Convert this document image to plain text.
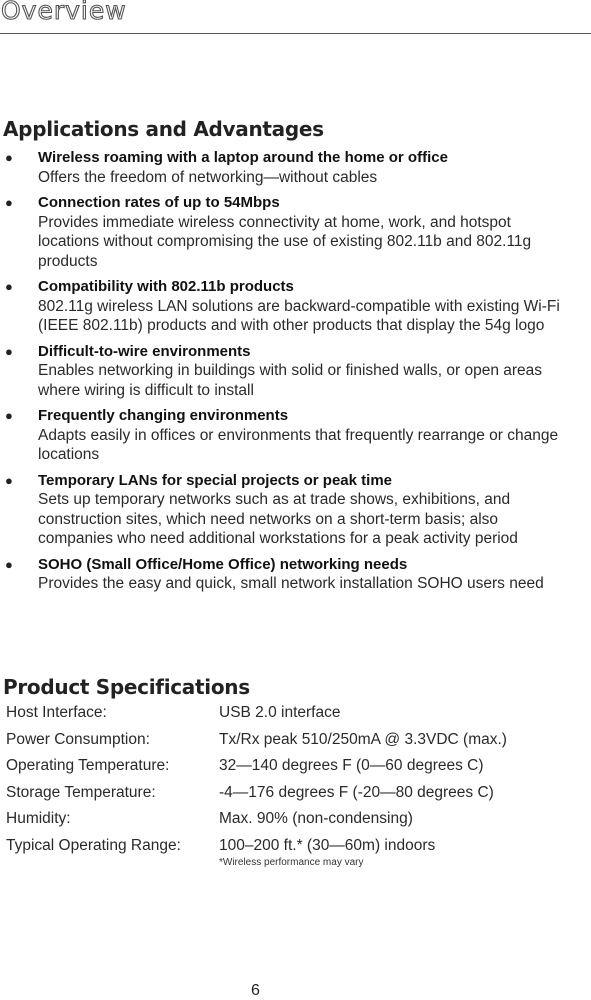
Overview
Applications and Advantages
● Wireless roaming with a laptop around the home or office
Offers the freedom of networking—without cables
● Connection rates of up to 54Mbps
Provides immediate wireless connectivity at home, work, and hotspot locations without compromising the use of existing 802.11b and 802.11g products
● Compatibility with 802.11b products
802.11g wireless LAN solutions are backward-compatible with existing Wi-Fi (IEEE 802.11b) products and with other products that display the 54g logo
● Difficult-to-wire environments
Enables networking in buildings with solid or finished walls, or open areas where wiring is difficult to install
● Frequently changing environments
Adapts easily in offices or environments that frequently rearrange or change locations
● Temporary LANs for special projects or peak time
Sets up temporary networks such as at trade shows, exhibitions, and construction sites, which need networks on a short-term basis; also companies who need additional workstations for a peak activity period
● SOHO (Small Office/Home Office) networking needs
Provides the easy and quick, small network installation SOHO users need
Product Specifications
Host Interface:	USB 2.0 interface
Power Consumption:	Tx/Rx peak 510/250mA @ 3.3VDC (max.)
Operating Temperature:	32—140 degrees F (0—60 degrees C)
Storage Temperature:	-4—176 degrees F (-20—80 degrees C)
Humidity:	Max. 90% (non-condensing)
Typical Operating Range: 100–200 ft.* (30—60m) indoors
*Wireless performance may vary
6
